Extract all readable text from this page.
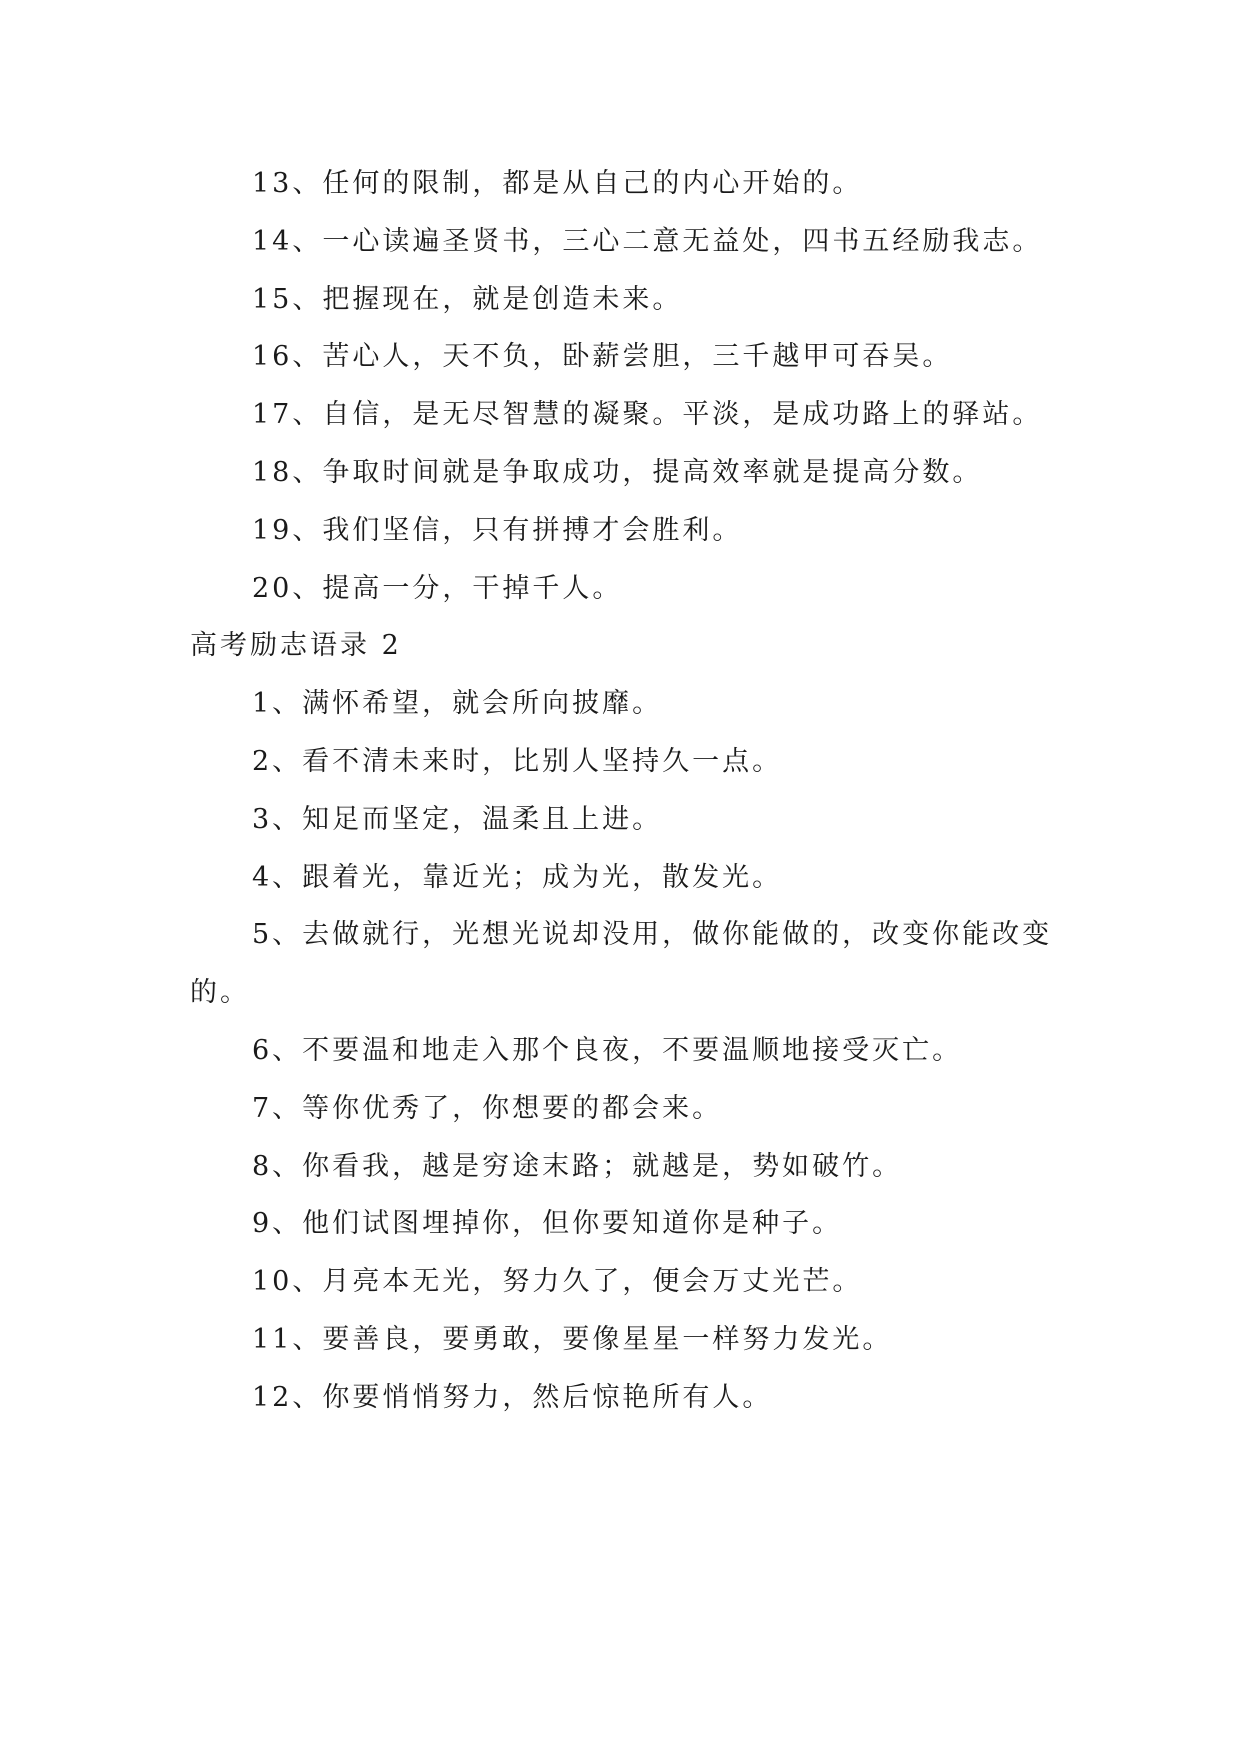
13、任何的限制，都是从自己的内心开始的。

14、一心读遍圣贤书，三心二意无益处，四书五经励我志。

15、把握现在，就是创造未来。

16、苦心人，天不负，卧薪尝胆，三千越甲可吞吴。

17、自信，是无尽智慧的凝聚。平淡，是成功路上的驿站。

18、争取时间就是争取成功，提高效率就是提高分数。

19、我们坚信，只有拼搏才会胜利。

20、提高一分，干掉千人。

高考励志语录 2

1、满怀希望，就会所向披靡。

2、看不清未来时，比别人坚持久一点。

3、知足而坚定，温柔且上进。

4、跟着光，靠近光；成为光，散发光。

5、去做就行，光想光说却没用，做你能做的，改变你能改变的。

6、不要温和地走入那个良夜，不要温顺地接受灭亡。

7、等你优秀了，你想要的都会来。

8、你看我，越是穷途末路；就越是，势如破竹。

9、他们试图埋掉你，但你要知道你是种子。

10、月亮本无光，努力久了，便会万丈光芒。

11、要善良，要勇敢，要像星星一样努力发光。

12、你要悄悄努力，然后惊艳所有人。
